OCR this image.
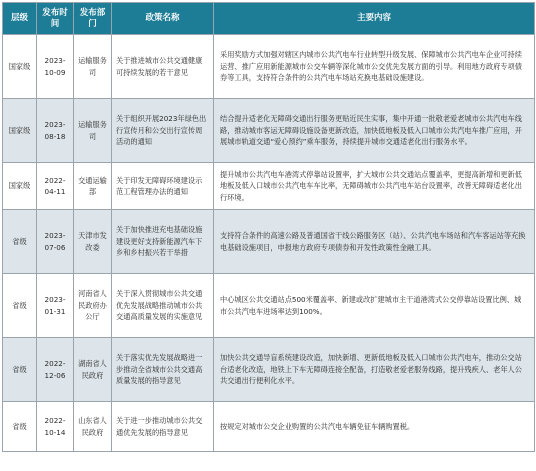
层级	发布时间	发布部门	政策名称	主要内容
国家级	2023-10-09	运输服务司	关于推进城市公共交通健康可持续发展的若干意见	采用奖励方式加强对辖区内城市公共汽电车行业转型升级发展、保障城市公共汽电车企业可持续运营、推广应用新能源城市公交车辆等深化城市公交优先发展方面的引导。利用地方政府专项债券等工具，支持符合条件的公共汽电车场站充换电基础设施建设。
国家级	2023-08-18	运输服务司	关于组织开展2023年绿色出行宣传月和公交出行宣传周活动的通知	结合提升适老化无障碍交通出行服务更贴近民生实事，集中开通一批敬老爱老城市公共汽电车线路，推动城市客运无障碍设施设备更新改造，加快低地板及低入口城市公共汽电车推广应用，开展城市轨道交通“爱心预约”乘车服务，持续提升城市交通适老化出行服务水平。
国家级	2022-04-11	交通运输部	关于印发无障碍环境建设示范工程管理办法的通知	提升城市公共汽电车港湾式停靠站设置率，扩大城市公共交通站点覆盖率，更提高新增和更新低地板及低入口城市公共汽电车车比率，无障碍城市公共汽电车站台设置率，改善无障碍适老化出行环境。
省级	2023-07-06	天津市发改委	关于加快推进充电基础设施建设更好支持新能源汽车下乡和乡村振兴若干举措	支持符合条件的高速公路及普通国省干线公路服务区（站）、公共汽电车场站和汽车客运站等充换电基础设施项目，申报地方政府专项债券和开发性政策性金融工具。
省级	2023-01-31	河南省人民政府办公厅	关于深入贯彻城市公共交通优先发展战略推动城市公共交通高质量发展的实施意见	中心城区公共交通站点500米覆盖率、新建或改扩建城市主干道港湾式公交停靠站设置比例、城市公共汽电车进场率达到100%。
省级	2022-12-06	湖南省人民政府	关于落实优先发展战略进一步推动全省城市公共交通高质量发展的指导意见	加快公共交通导盲系统建设改造，加快新增、更新低地板及低入口城市公共汽电车，推动公交站台适老化改造，地铁上下车无障碍连接全配备，打造敬老爱老服务线路，提升残疾人、老年人公共交通出行便利化水平。
省级	2022-10-14	山东省人民政府	关于进一步推动城市公共交通优先发展的指导意见	按规定对城市公交企业购置的公共汽电车辆免征车辆购置税。
